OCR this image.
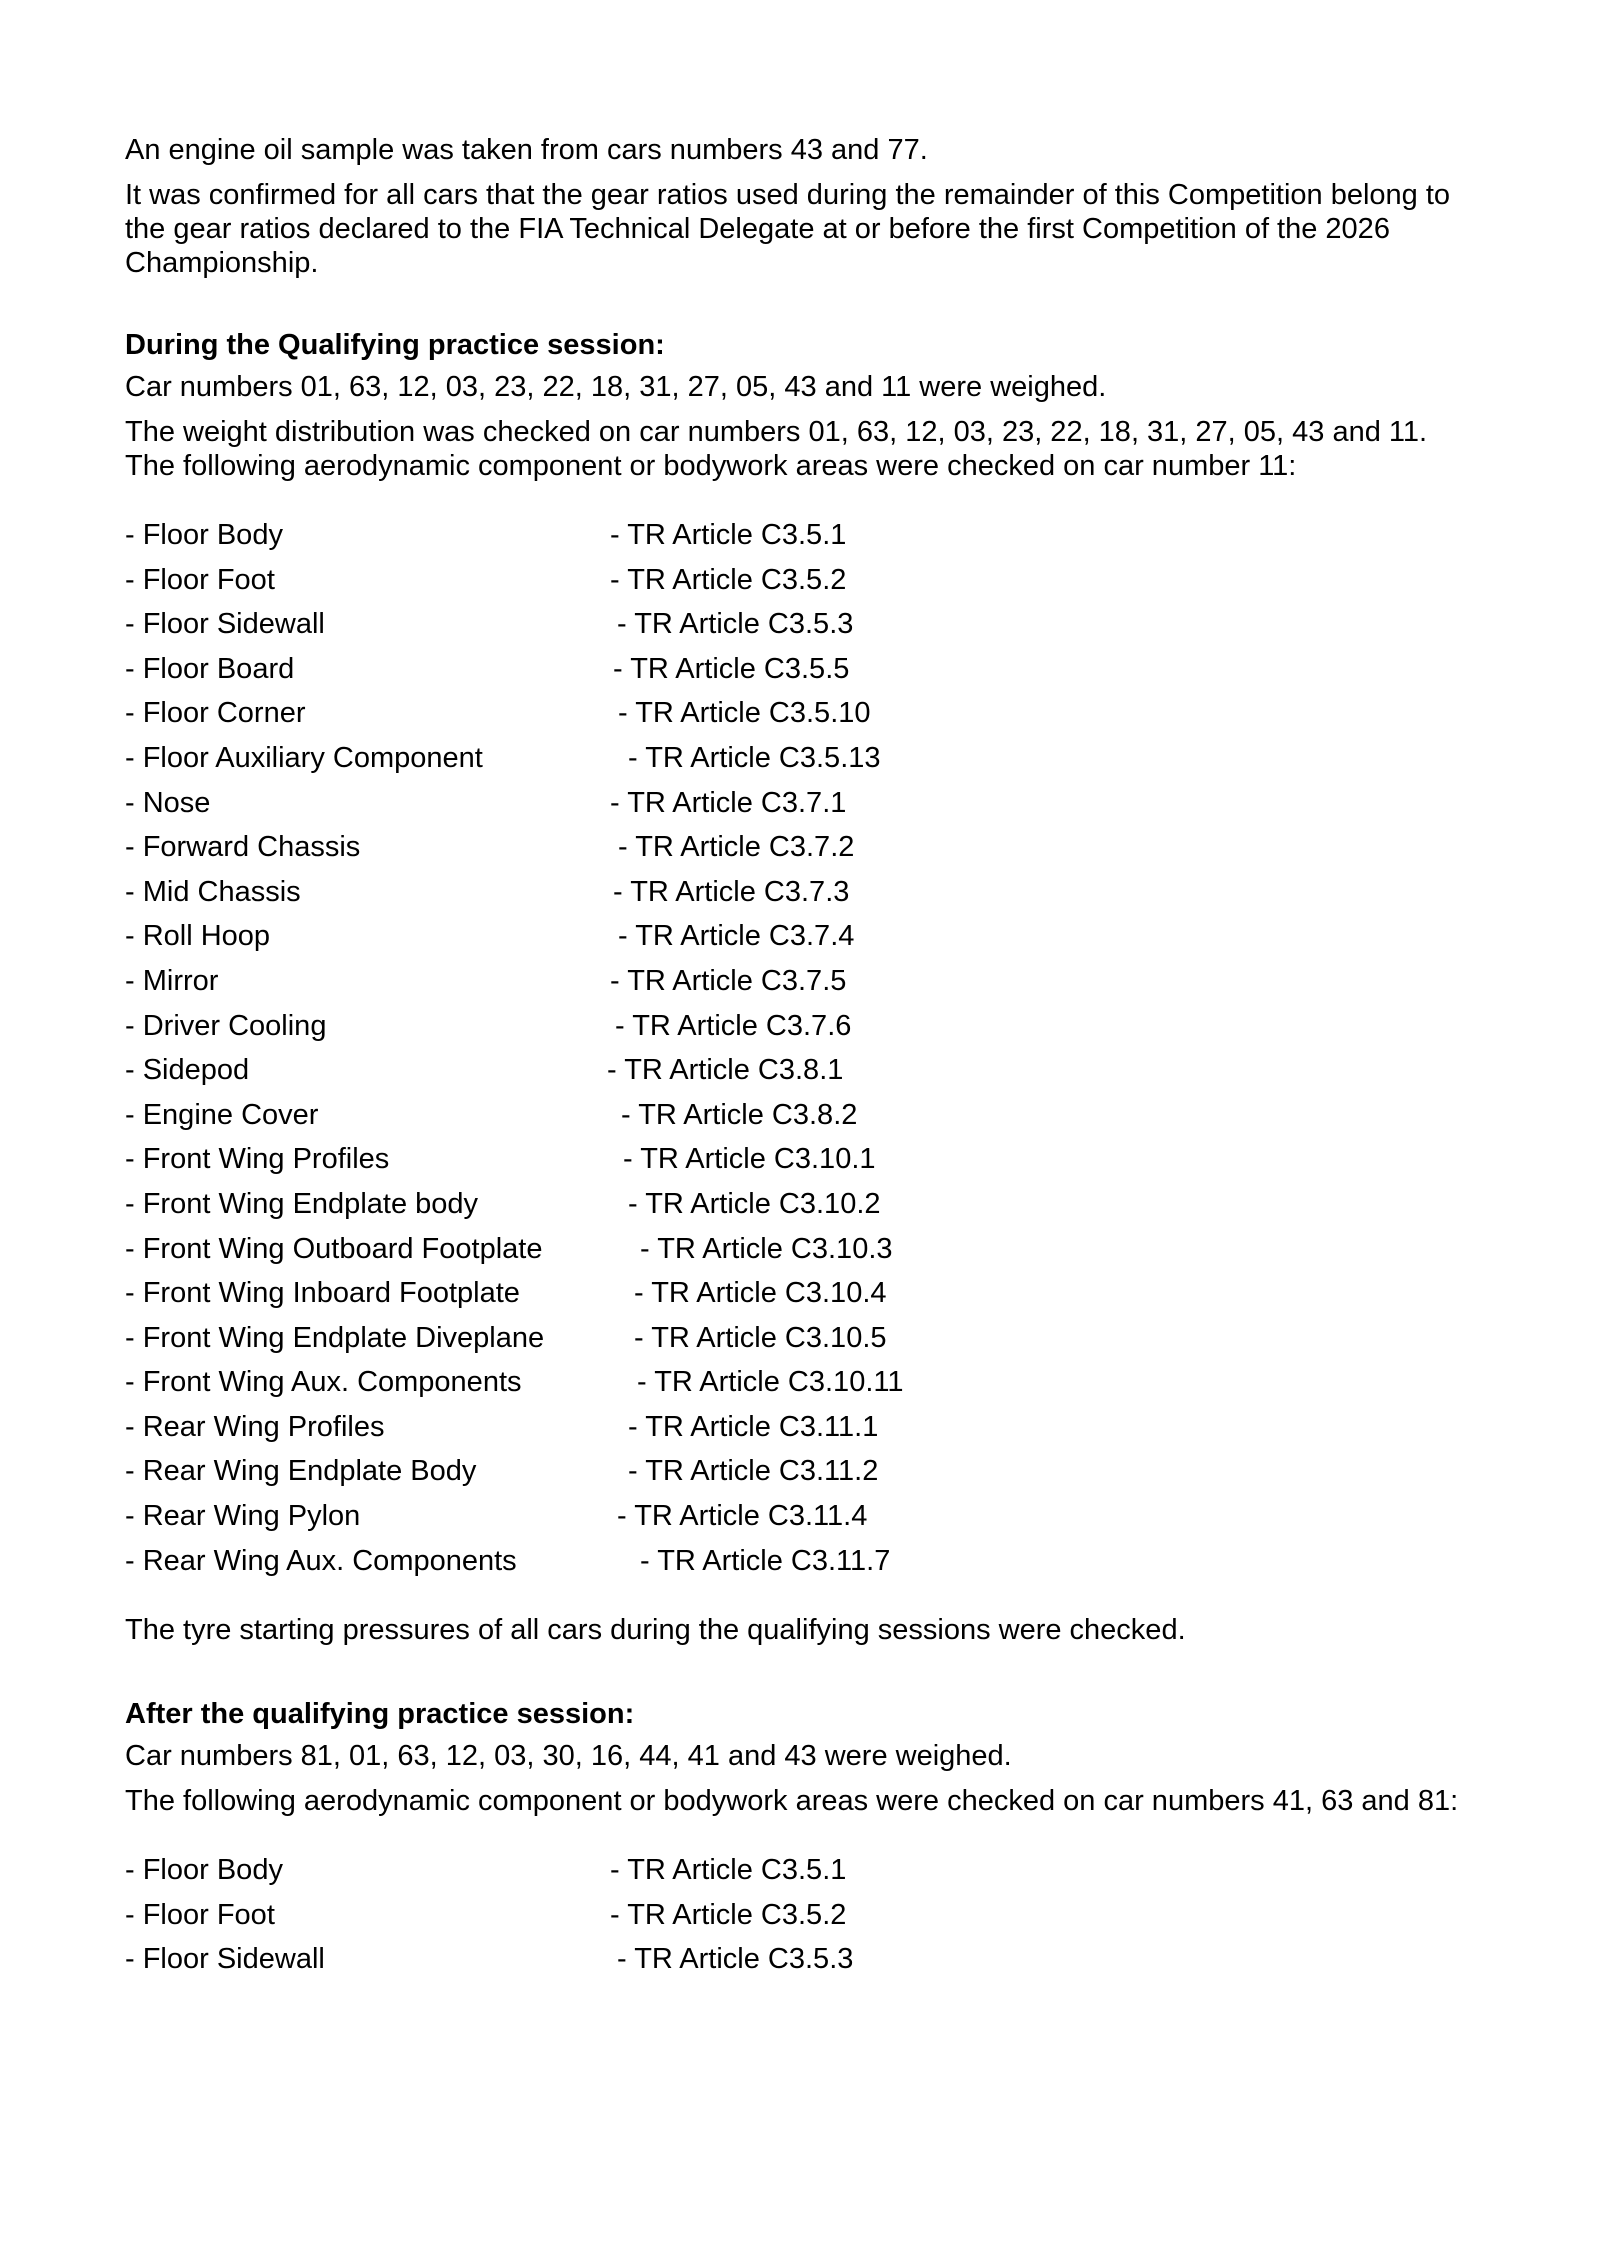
An engine oil sample was taken from cars numbers 43 and 77.

It was confirmed for all cars that the gear ratios used during the remainder of this Competition belong to the gear ratios declared to the FIA Technical Delegate at or before the first Competition of the 2026 Championship.

During the Qualifying practice session:

Car numbers 01, 63, 12, 03, 23, 22, 18, 31, 27, 05, 43 and 11 were weighed.

The weight distribution was checked on car numbers 01, 63, 12, 03, 23, 22, 18, 31, 27, 05, 43 and 11.

The following aerodynamic component or bodywork areas were checked on car number 11:

- Floor Body	- TR Article C3.5.1
- Floor Foot	- TR Article C3.5.2
- Floor Sidewall	- TR Article C3.5.3
- Floor Board	- TR Article C3.5.5
- Floor Corner	- TR Article C3.5.10
- Floor Auxiliary Component	- TR Article C3.5.13
- Nose	- TR Article C3.7.1
- Forward Chassis	- TR Article C3.7.2
- Mid Chassis	- TR Article C3.7.3
- Roll Hoop	- TR Article C3.7.4
- Mirror	- TR Article C3.7.5
- Driver Cooling	- TR Article C3.7.6
- Sidepod	- TR Article C3.8.1
- Engine Cover	- TR Article C3.8.2
- Front Wing Profiles	- TR Article C3.10.1
- Front Wing Endplate body	- TR Article C3.10.2
- Front Wing Outboard Footplate	- TR Article C3.10.3
- Front Wing Inboard Footplate	- TR Article C3.10.4
- Front Wing Endplate Diveplane	- TR Article C3.10.5
- Front Wing Aux. Components	- TR Article C3.10.11
- Rear Wing Profiles	- TR Article C3.11.1
- Rear Wing Endplate Body	- TR Article C3.11.2
- Rear Wing Pylon	- TR Article C3.11.4
- Rear Wing Aux. Components	- TR Article C3.11.7

The tyre starting pressures of all cars during the qualifying sessions were checked.

After the qualifying practice session:

Car numbers 81, 01, 63, 12, 03, 30, 16, 44, 41 and 43 were weighed.

The following aerodynamic component or bodywork areas were checked on car numbers 41, 63 and 81:

- Floor Body	- TR Article C3.5.1
- Floor Foot	- TR Article C3.5.2
- Floor Sidewall	- TR Article C3.5.3
